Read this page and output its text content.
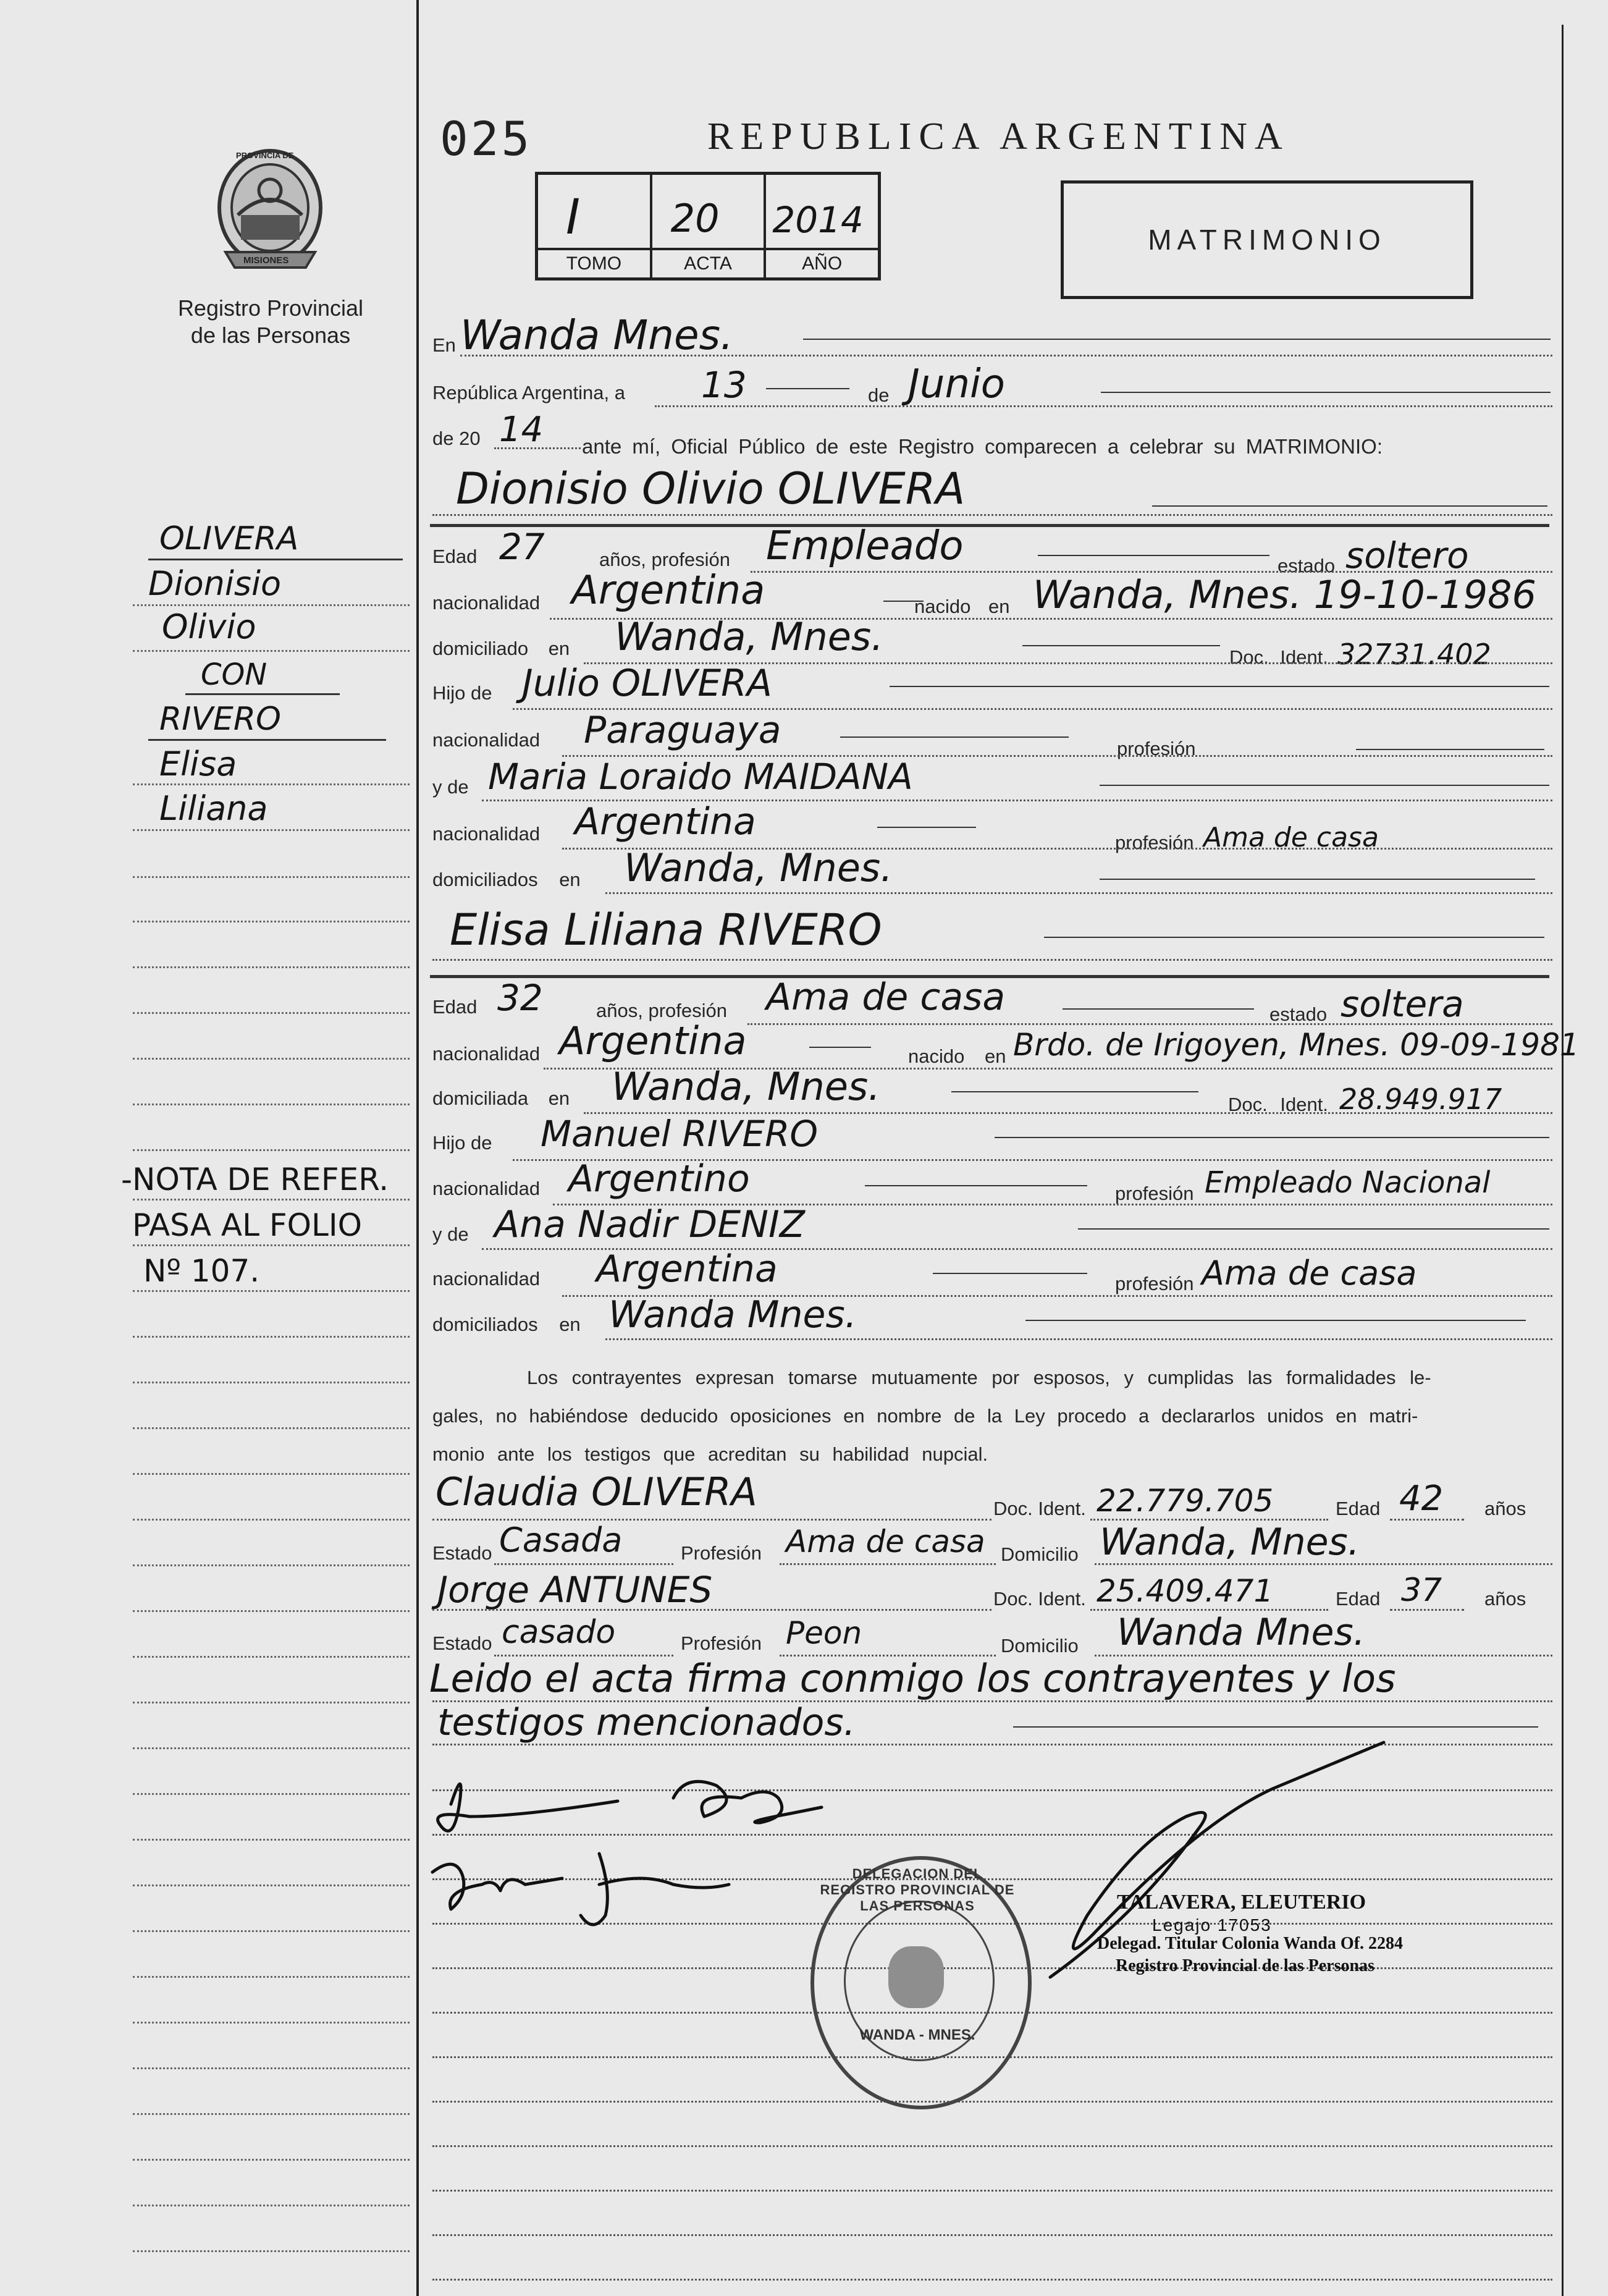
025	REPUBLICA ARGENTINA
I
TOMO
20
ACTA
2014
AÑO
MATRIMONIO
PROVINCIA DE
MISIONES
Registro Provincial
de las Personas
OLIVERA
Dionisio
Olivio
CON
RIVERO
Elisa
Liliana
-NOTA DE REFER.
PASA AL FOLIO
Nº 107.
En Wanda Mnes.
República Argentina, a 13	de Junio
de 20 14 ante mí, Oficial Público de este Registro comparecen a celebrar su MATRIMONIO:
Dionisio Olivio OLIVERA
Edad 27	años, profesión Empleado	estado soltero
nacionalidad Argentina	nacido en Wanda, Mnes. 19-10-1986
domiciliado en Wanda, Mnes.	Doc. Ident. 32731.402
Hijo de Julio OLIVERA
nacionalidad Paraguaya	profesión
y de Maria Loraido MAIDANA
nacionalidad Argentina	profesión Ama de casa
domiciliados en Wanda, Mnes.
Elisa Liliana RIVERO
Edad 32	años, profesión Ama de casa	estado soltera
nacionalidad Argentina	nacido en Brdo. de Irigoyen, Mnes. 09-09-1981
domiciliada en Wanda, Mnes.	Doc. Ident. 28.949.917
Hijo de Manuel RIVERO
nacionalidad Argentino	profesión Empleado Nacional
y de Ana Nadir DENIZ
nacionalidad Argentina	profesión Ama de casa
domiciliados en Wanda Mnes.
Los contrayentes expresan tomarse mutuamente por esposos, y cumplidas las formalidades le-
gales, no habiéndose deducido oposiciones en nombre de la Ley procedo a declararlos unidos en matri-
monio ante los testigos que acreditan su habilidad nupcial.
Claudia OLIVERA	Doc. Ident. 22.779.705	Edad 42 años
Estado Casada	Profesión Ama de casa Domicilio Wanda, Mnes.
Jorge ANTUNES	Doc. Ident. 25.409.471	Edad 37 años
Estado casado	Profesión Peon	Domicilio Wanda Mnes.
Leido el acta firma conmigo los contrayentes y los
testigos mencionados.
DELEGACION DEL REGISTRO PROVINCIAL DE LAS PERSONAS
WANDA - MNES.
TALAVERA, ELEUTERIO
Legajo 17053
Delegad. Titular Colonia Wanda Of. 2284
Registro Provincial de las Personas
